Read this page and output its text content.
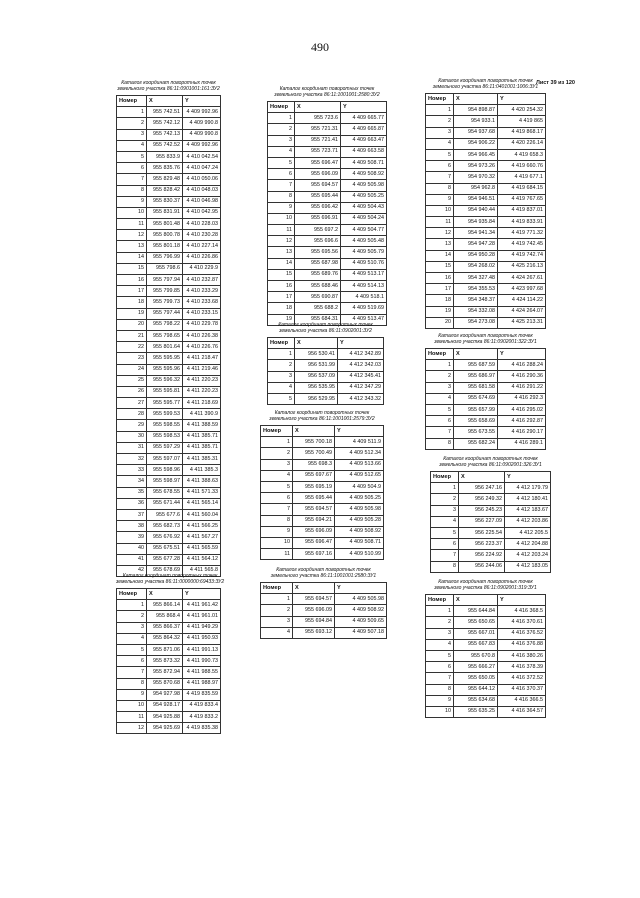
490
Лист 39 из 120
Каталог координат поворотных точек
земельного участка 86:11:0901001:161:ЗУ2
Номер	X	Y
1	955 742.51	4 409 992.96
2	955 742.12	4 409 990.8
3	955 742.13	4 409 990.8
4	955 742.52	4 409 992.96
5	955 833.9	4 410 042.54
6	955 835.76	4 410 047.24
7	955 829.48	4 410 050.06
8	955 828.42	4 410 048.03
9	955 830.37	4 410 046.98
10	955 831.91	4 410 042.95
11	955 801.48	4 410 228.03
12	955 800.78	4 410 230.28
13	955 801.18	4 410 227.14
14	955 796.99	4 410 226.86
15	955 798.6	4 410 229.9
16	955 797.94	4 410 232.87
17	955 799.85	4 410 233.29
18	955 799.73	4 410 233.68
19	955 797.44	4 410 233.15
20	955 798.22	4 410 229.78
21	955 798.65	4 410 226.38
22	955 801.64	4 410 226.76
23	955 595.95	4 411 218.47
24	955 595.96	4 411 219.46
25	955 596.32	4 411 220.23
26	955 595.81	4 411 220.23
27	955 595.77	4 411 218.69
28	955 599.53	4 411 390.9
29	955 598.55	4 411 388.59
30	955 598.53	4 411 385.71
31	955 597.29	4 411 385.71
32	955 597.07	4 411 385.31
33	955 598.96	4 411 385.3
34	955 598.97	4 411 388.63
35	955 678.55	4 411 571.33
36	955 671.44	4 411 565.14
37	955 677.6	4 411 560.04
38	955 682.73	4 411 566.25
39	955 676.92	4 411 567.27
40	955 675.51	4 411 565.59
41	955 677.28	4 411 564.12
42	955 678.69	4 411 565.8
Каталог координат поворотных точек
земельного участка 86:11:0000000:69433:ЗУ2
Номер	X	Y
1	955 866.14	4 411 961.42
2	955 868.4	4 411 961.01
3	955 866.37	4 411 949.29
4	955 864.32	4 411 950.93
5	955 871.06	4 411 991.13
6	955 873.32	4 411 990.73
7	955 872.94	4 411 988.55
8	955 870.68	4 411 988.97
9	954 927.98	4 419 835.59
10	954 928.17	4 419 833.4
11	954 925.88	4 419 833.2
12	954 925.69	4 419 835.38
Каталог координат поворотных точек
земельного участка 86:11:1001001:2580:ЗУ2
Номер	X	Y
1	955 723.6	4 409 665.77
2	955 721.31	4 409 665.87
3	955 721.41	4 409 663.47
4	955 723.71	4 409 663.58
5	955 696.47	4 409 508.71
6	955 696.09	4 409 508.92
7	955 694.57	4 409 505.98
8	955 695.44	4 409 505.25
9	955 696.42	4 409 504.43
10	955 696.91	4 409 504.24
11	955 697.2	4 409 504.77
12	955 696.6	4 409 505.48
13	955 695.56	4 409 505.79
14	955 687.98	4 409 510.76
15	955 689.76	4 409 513.17
16	955 688.46	4 409 514.13
17	955 690.87	4 409 518.1
18	955 688.2	4 409 519.69
19	955 684.31	4 409 513.47
Каталог координат поворотных точек
земельного участка 86:11:0902001:ЗУ2
Номер	X	Y
1	956 530.41	4 412 342.89
2	956 531.99	4 412 342.03
3	956 537.09	4 412 345.41
4	956 535.95	4 412 347.29
5	956 529.95	4 412 343.32
Каталог координат поворотных точек
земельного участка 86:11:1001001:2579:ЗУ2
Номер	X	Y
1	955 700.18	4 409 511.9
2	955 700.49	4 409 512.34
3	955 698.3	4 409 513.66
4	955 697.67	4 409 512.65
5	955 695.19	4 409 504.9
6	955 695.44	4 409 505.25
7	955 694.57	4 409 505.98
8	955 694.21	4 409 505.28
9	955 696.09	4 409 508.92
10	955 696.47	4 409 508.71
11	955 697.16	4 409 510.99
Каталог координат поворотных точек
земельного участка 86:11:1001001:2580:ЗУ1
Номер	X	Y
1	955 694.57	4 409 505.98
2	955 696.09	4 409 508.92
3	955 694.84	4 409 509.65
4	955 693.12	4 409 507.18
Каталог координат поворотных точек
земельного участка 86:11:0401001:1006:ЗУ1
Номер	X	Y
1	954 898.87	4 420 254.32
2	954 933.1	4 419 865
3	954 937.68	4 419 868.17
4	954 906.22	4 420 226.14
5	954 966.45	4 419 658.3
6	954 973.26	4 419 660.76
7	954 970.32	4 419 677.1
8	954 962.8	4 419 684.15
9	954 946.51	4 419 767.65
10	954 940.44	4 419 837.01
11	954 935.84	4 419 833.91
12	954 941.34	4 419 771.32
13	954 947.28	4 419 742.45
14	954 950.28	4 419 742.74
15	954 268.02	4 425 216.13
16	954 327.48	4 424 267.61
17	954 355.53	4 423 997.68
18	954 348.37	4 424 114.22
19	954 332.08	4 424 264.07
20	954 273.08	4 425 213.31
Каталог координат поворотных точек
земельного участка 86:11:0902001:322:ЗУ1
Номер	X	Y
1	955 687.59	4 416 288.24
2	955 686.97	4 416 290.36
3	955 681.58	4 416 291.22
4	955 674.69	4 416 292.3
5	955 657.99	4 416 295.02
6	955 658.69	4 416 292.87
7	955 673.55	4 416 290.17
8	955 682.24	4 416 289.1
Каталог координат поворотных точек
земельного участка 86:11:0902001:326:ЗУ1
Номер	X	Y
1	956 247.16	4 412 179.79
2	956 249.32	4 412 180.41
3	956 245.23	4 412 183.67
4	956 227.09	4 412 203.86
5	956 225.54	4 412 205.5
6	956 223.37	4 412 204.88
7	956 224.92	4 412 203.24
8	956 244.06	4 412 183.05
Каталог координат поворотных точек
земельного участка 86:11:0902001:319:ЗУ1
Номер	X	Y
1	955 644.84	4 416 368.5
2	955 650.65	4 416 370.61
3	955 667.01	4 416 376.52
4	955 667.83	4 416 376.88
5	955 670.8	4 416 380.26
6	955 666.27	4 416 378.39
7	955 650.05	4 416 372.52
8	955 644.12	4 416 370.37
9	955 634.68	4 416 366.5
10	955 635.25	4 416 364.57
